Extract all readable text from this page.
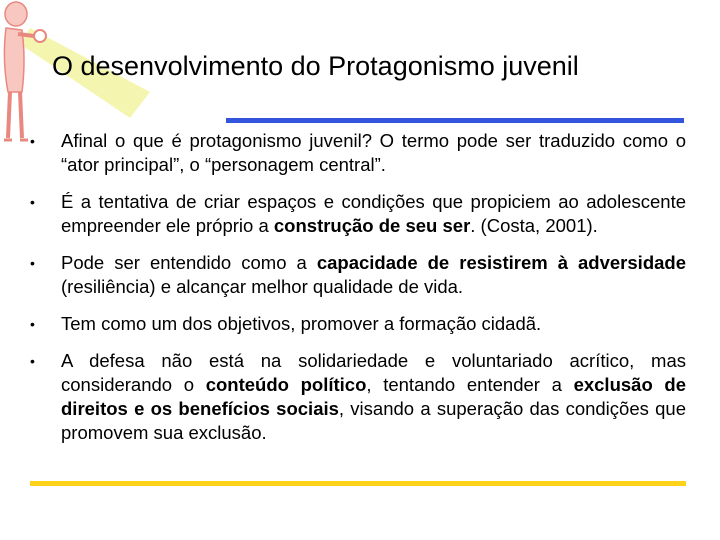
O desenvolvimento do Protagonismo juvenil
• Afinal o que é protagonismo juvenil? O termo pode ser traduzido como o “ator principal”, o “personagem central”.
• É a tentativa de criar espaços e condições que propiciem ao adolescente empreender ele próprio a construção de seu ser. (Costa, 2001).
• Pode ser entendido como a capacidade de resistirem à adversidade (resiliência) e alcançar melhor qualidade de vida.
• Tem como um dos objetivos, promover a formação cidadã.
• A defesa não está na solidariedade e voluntariado acrítico, mas considerando o conteúdo político, tentando entender a exclusão de direitos e os benefícios sociais, visando a superação das condições que promovem sua exclusão.
